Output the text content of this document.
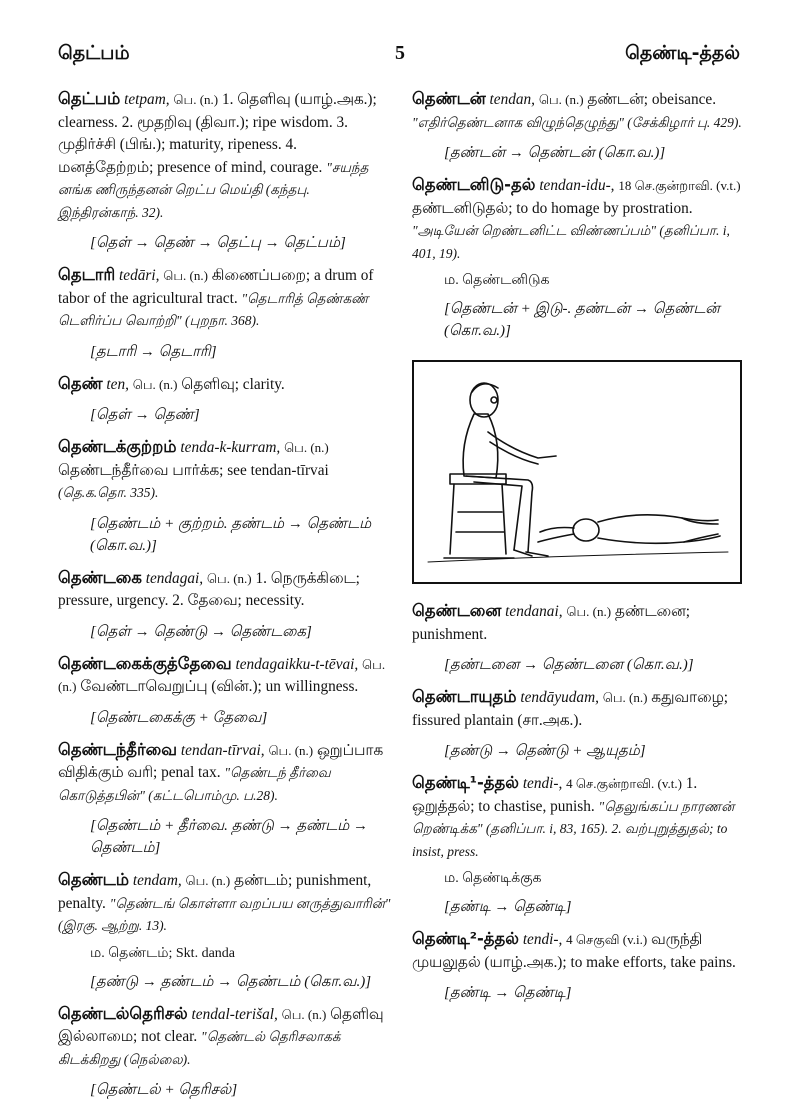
தெட்பம்	5	தெண்டி-த்தல்
தெட்பம் tetpam, பெ. (n.) 1. தெளிவு (யாழ்.அக.); clearness. 2. மூதறிவு (திவா.); ripe wisdom. 3. முதிர்ச்சி (பிங்.); maturity, ripeness. 4. மனத்தேற்றம்; presence of mind, courage. "சயந்த னங்க ணிருந்தனன் றெட்ப மெய்தி (கந்தபு. இந்திரன்காந். 32).
[தெள் → தெண் → தெட்பு → தெட்பம்]
தெடாரி tedāri, பெ. (n.) கிணைப்பறை; a drum of tabor of the agricultural tract. "தெடாரித் தெண்கண் டெளிர்ப்ப வொற்றி" (புறநா. 368).
[தடாரி → தெடாரி]
தெண் ten, பெ. (n.) தெளிவு; clarity.
[தெள் → தெண்]
தெண்டக்குற்றம் tenda-k-kurram, பெ. (n.) தெண்டந்தீர்வை பார்க்க; see tendan-tīrvai (தெ.க.தொ. 335).
[தெண்டம் + குற்றம். தண்டம் → தெண்டம் (கொ.வ.)]
தெண்டகை tendagai, பெ. (n.) 1. நெருக்கிடை; pressure, urgency. 2. தேவை; necessity.
[தெள் → தெண்டு → தெண்டகை]
தெண்டகைக்குத்தேவை tendagaikku-t-tēvai, பெ. (n.) வேண்டாவெறுப்பு (வின்.); un willingness.
[தெண்டகைக்கு + தேவை]
தெண்டந்தீர்வை tendan-tīrvai, பெ. (n.) ஒறுப்பாக விதிக்கும் வரி; penal tax. "தெண்டந் தீர்வை கொடுத்தபின்" (கட்டபொம்மு. ப.28).
[தெண்டம் + தீர்வை. தண்டு → தண்டம் → தெண்டம்]
தெண்டம் tendam, பெ. (n.) தண்டம்; punishment, penalty. "தெண்டங் கொள்ளா வறப்பய னருத்துவாரின்" (இரகு. ஆற்று. 13).
ம. தெண்டம்; Skt. danda
[தண்டு → தண்டம் → தெண்டம் (கொ.வ.)]
தெண்டல்தெரிசல் tendal-terišal, பெ. (n.) தெளிவு இல்லாமை; not clear. "தெண்டல் தெரிசலாகக் கிடக்கிறது (நெல்லை).
[தெண்டல் + தெரிசல்]
தெண்டன் tendan, பெ. (n.) தண்டன்; obeisance. "எதிர்தெண்டனாக விழுந்தெழுந்து" (சேக்கிழார் பு. 429).
[தண்டன் → தெண்டன் (கொ.வ.)]
தெண்டனிடு-தல் tendan-idu-, 18 செ.குன்றாவி. (v.t.) தண்டனிடுதல்; to do homage by prostration. "அடியேன் றெண்டனிட்ட விண்ணப்பம்" (தனிப்பா. i, 401, 19).
ம. தெண்டனிடுக
[தெண்டன் + இடு-. தண்டன் → தெண்டன் (கொ.வ.)]
தெண்டனை tendanai, பெ. (n.) தண்டனை; punishment.
[தண்டனை → தெண்டனை (கொ.வ.)]
தெண்டாயுதம் tendāyudam, பெ. (n.) கதுவாழை; fissured plantain (சா.அக.).
[தண்டு → தெண்டு + ஆயுதம்]
தெண்டி¹-த்தல் tendi-, 4 செ.குன்றாவி. (v.t.) 1. ஒறுத்தல்; to chastise, punish. "தெலுங்கப்ப நாரணன் றெண்டிக்க" (தனிப்பா. i, 83, 165). 2. வற்புறுத்துதல்; to insist, press.
ம. தெண்டிக்குக
[தண்டி → தெண்டி]
தெண்டி²-த்தல் tendi-, 4 செகுவி (v.i.) வருந்தி முயலுதல் (யாழ்.அக.); to make efforts, take pains.
[தண்டி → தெண்டி]
